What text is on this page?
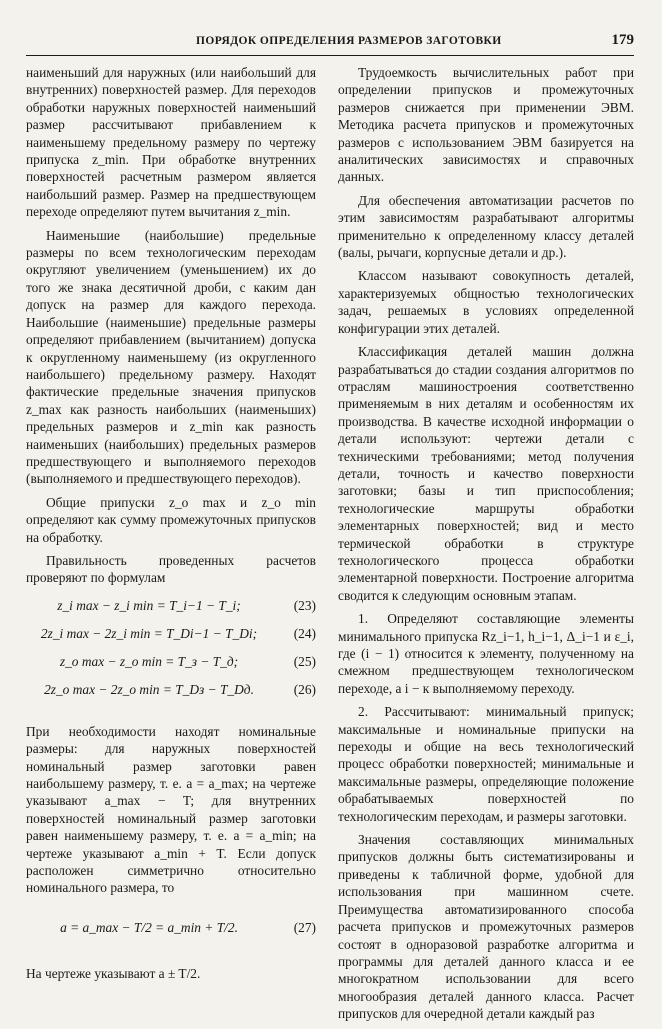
ПОРЯДОК ОПРЕДЕЛЕНИЯ РАЗМЕРОВ ЗАГОТОВКИ	179

наименьший для наружных (или наибольший для внутренних) поверхностей размер. Для переходов обработки наружных поверхностей наименьший размер рассчитывают прибавлением к наименьшему предельному размеру по чертежу припуска z_min. При обработке внутренних поверхностей расчетным размером является наибольший размер. Размер на предшествующем переходе определяют путем вычитания z_min.

Наименьшие (наибольшие) предельные размеры по всем технологическим переходам округляют увеличением (уменьшением) их до того же знака десятичной дроби, с каким дан допуск на размер для каждого перехода. Наибольшие (наименьшие) предельные размеры определяют прибавлением (вычитанием) допуска к округленному наименьшему (из округленного наибольшего) предельному размеру. Находят фактические предельные значения припусков z_max как разность наибольших (наименьших) предельных размеров и z_min как разность наименьших (наибольших) предельных размеров предшествующего и выполняемого переходов (выполняемого и предшествующего переходов).

Общие припуски z_o max и z_o min определяют как сумму промежуточных припусков на обработку.

Правильность проведенных расчетов проверяют по формулам

z_i max − z_i min = T_i−1 − T_i;	(23)
2z_i max − 2z_i min = T_Di−1 − T_Di;	(24)
z_o max − z_o min = T_з − T_д;	(25)
2z_o max − 2z_o min = T_Dз − T_Dд.	(26)

При необходимости находят номинальные размеры: для наружных поверхностей номинальный размер заготовки равен наибольшему размеру, т. е. a = a_max; на чертеже указывают a_max − T; для внутренних поверхностей номинальный размер заготовки равен наименьшему размеру, т. е. a = a_min; на чертеже указывают a_min + T. Если допуск расположен симметрично относительно номинального размера, то

a = a_max − T/2 = a_min + T/2.	(27)

На чертеже указывают a ± T/2.

Трудоемкость вычислительных работ при определении припусков и промежуточных размеров снижается при применении ЭВМ. Методика расчета припусков и промежуточных размеров с использованием ЭВМ базируется на аналитических зависимостях и справочных данных.

Для обеспечения автоматизации расчетов по этим зависимостям разрабатывают алгоритмы применительно к определенному классу деталей (валы, рычаги, корпусные детали и др.).

Классом называют совокупность деталей, характеризуемых общностью технологических задач, решаемых в условиях определенной конфигурации этих деталей.

Классификация деталей машин должна разрабатываться до стадии создания алгоритмов по отраслям машиностроения соответственно применяемым в них деталям и особенностям их производства. В качестве исходной информации о детали используют: чертежи детали с техническими требованиями; метод получения детали, точность и качество поверхности заготовки; базы и тип приспособления; технологические маршруты обработки элементарных поверхностей; вид и место термической обработки в структуре технологического процесса обработки элементарной поверхности. Построение алгоритма сводится к следующим основным этапам.

1. Определяют составляющие элементы минимального припуска Rz_i−1, h_i−1, Δ_i−1 и ε_i, где (i − 1) относится к элементу, полученному на смежном предшествующем технологическом переходе, а i − к выполняемому переходу.

2. Рассчитывают: минимальный припуск; максимальные и номинальные припуски на переходы и общие на весь технологический процесс обработки поверхностей; минимальные и максимальные размеры, определяющие положение обрабатываемых поверхностей по технологическим переходам, и размеры заготовки.

Значения составляющих минимальных припусков должны быть систематизированы и приведены к табличной форме, удобной для использования при машинном счете. Преимущества автоматизированного способа расчета припусков и промежуточных размеров состоят в одноразовой разработке алгоритма и программы для деталей данного класса и ее многократном использовании для всего многообразия деталей данного класса. Расчет припусков для очередной детали каждый раз
